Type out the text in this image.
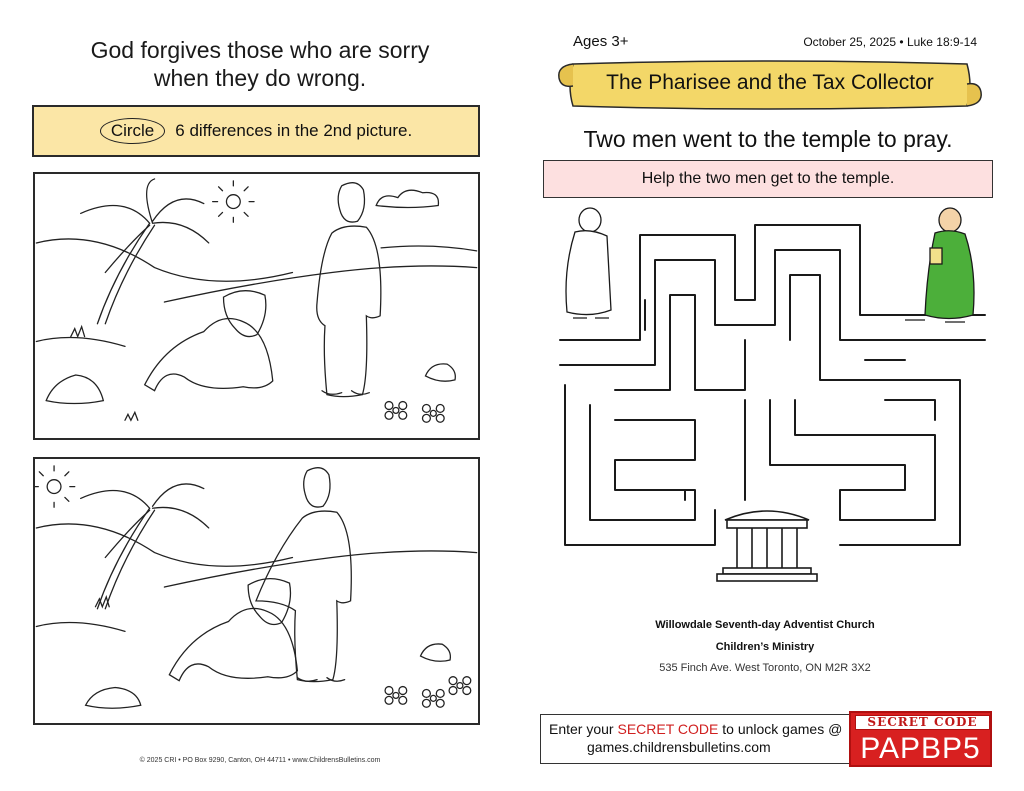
God forgives those who are sorry
when they do wrong.
Circle	6 differences in the 2nd picture.
© 2025 CRI • PO Box 9290, Canton, OH 44711 • www.ChildrensBulletins.com
Ages 3+	October 25, 2025 • Luke 18:9-14
The Pharisee and the Tax Collector
Two men went to the temple to pray.
Help the two men get to the temple.
Willowdale Seventh-day Adventist Church
Children’s Ministry
535 Finch Ave. West Toronto, ON M2R 3X2
Enter your SECRET CODE to unlock games @
games.childrensbulletins.com
SECRET CODE
PAPBP5
